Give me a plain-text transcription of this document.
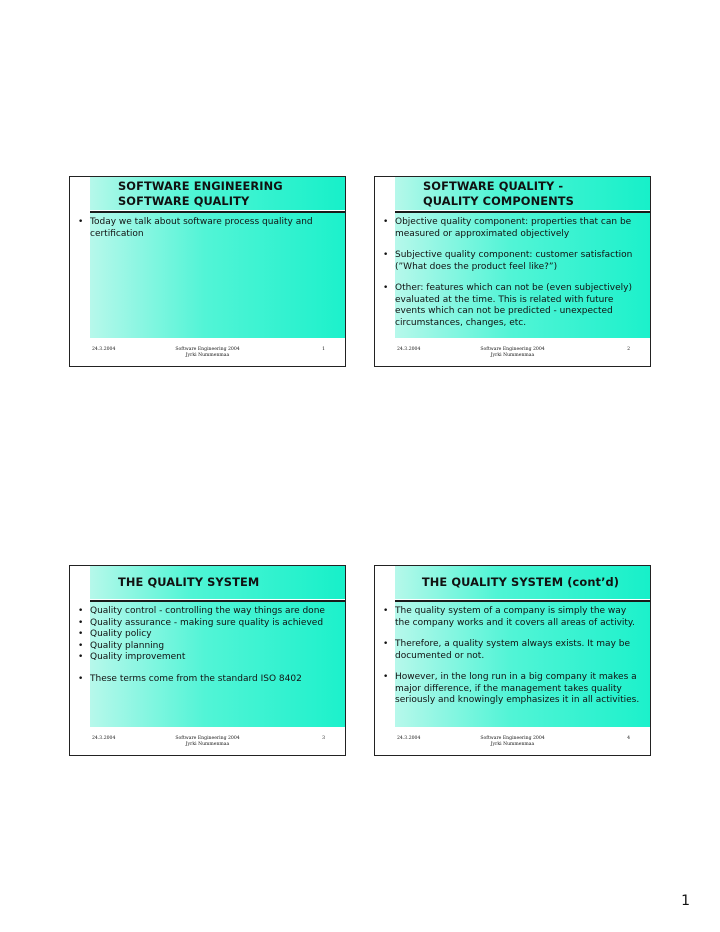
SOFTWARE ENGINEERING
SOFTWARE QUALITY
• Today we talk about software process quality and certification
24.3.2004	Software Engineering 2004
Jyrki Nummenmaa
1
SOFTWARE QUALITY -
QUALITY COMPONENTS
• Objective quality component: properties that can be measured or approximated objectively
• Subjective quality component: customer satisfaction (”What does the product feel like?”)
• Other: features which can not be (even subjectively) evaluated at the time. This is related with future events which can not be predicted - unexpected circumstances, changes, etc.
24.3.2004	Software Engineering 2004
Jyrki Nummenmaa
2
THE QUALITY SYSTEM
• Quality control - controlling the way things are done
• Quality assurance - making sure quality is achieved
• Quality policy
• Quality planning
• Quality improvement
• These terms come from the standard ISO 8402
24.3.2004	Software Engineering 2004
Jyrki Nummenmaa
3
THE QUALITY SYSTEM (cont’d)
• The quality system of a company is simply the way the company works and it covers all areas of activity.
• Therefore, a quality system always exists. It may be documented or not.
• However, in the long run in a big company it makes a major difference, if the management takes quality seriously and knowingly emphasizes it in all activities.
24.3.2004	Software Engineering 2004
Jyrki Nummenmaa
4
1
